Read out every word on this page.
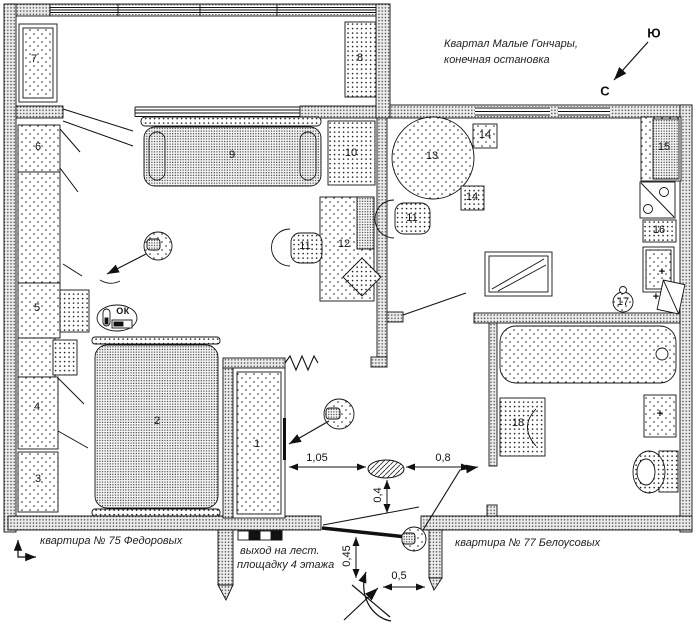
Квартал Малые Гончары,
конечная остановка
Ю
С
квартира № 75 Федоровых	квартира № 77 Белоусовых
выход на лест.
площадку 4 этажа
ОК
1,05	0,8
0,4
0,45
0,5
1
2
3
4
5
6
7	8
9	10
11
11
12
13
14
14
15
16
17
18
+
+
+
